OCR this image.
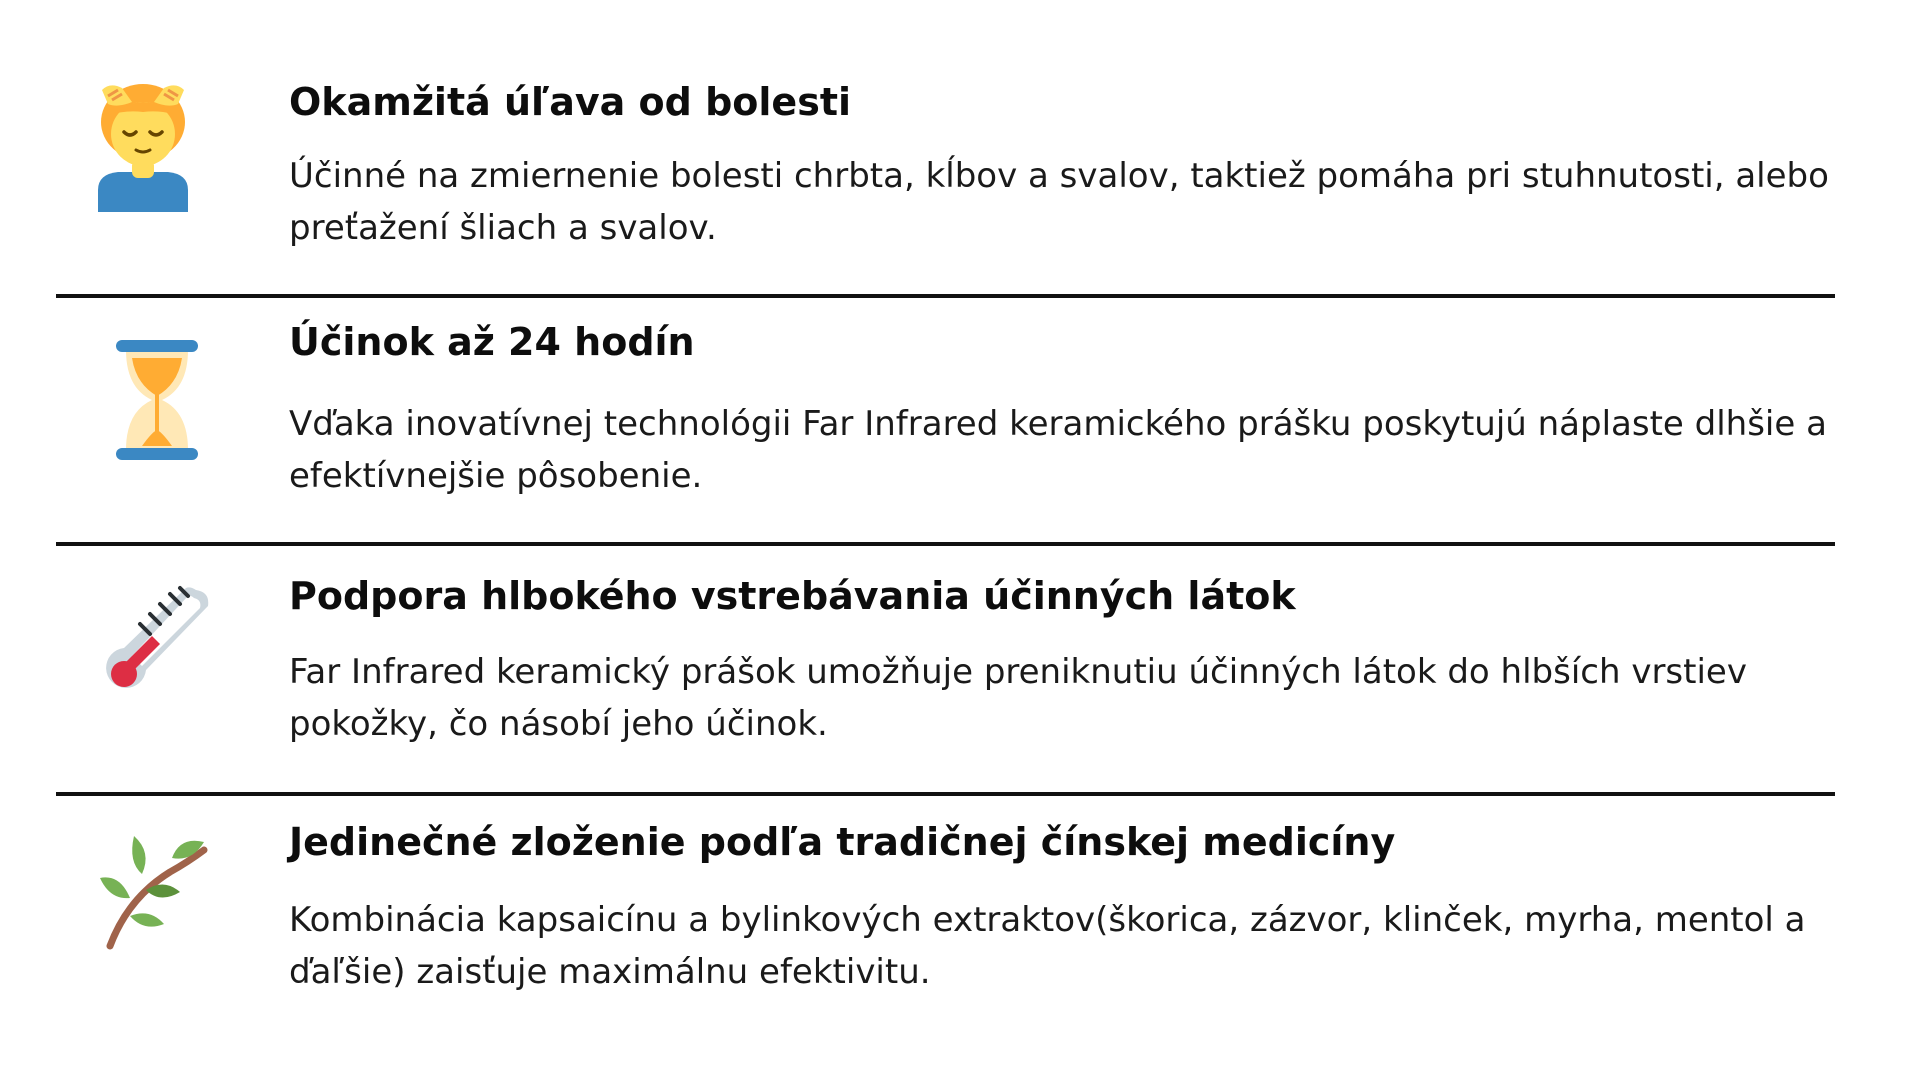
Okamžitá úľava od bolesti
Účinné na zmiernenie bolesti chrbta, kĺbov a svalov, taktiež pomáha pri stuhnutosti, alebo preťažení šliach a svalov.
Účinok až 24 hodín
Vďaka inovatívnej technológii Far Infrared keramického prášku poskytujú náplaste dlhšie a efektívnejšie pôsobenie.
Podpora hlbokého vstrebávania účinných látok
Far Infrared keramický prášok umožňuje preniknutiu účinných látok do hlbších vrstiev pokožky, čo násobí jeho účinok.
Jedinečné zloženie podľa tradičnej čínskej medicíny
Kombinácia kapsaicínu a bylinkových extraktov(škorica, zázvor, klinček, myrha, mentol a ďaľšie) zaisťuje maximálnu efektivitu.
